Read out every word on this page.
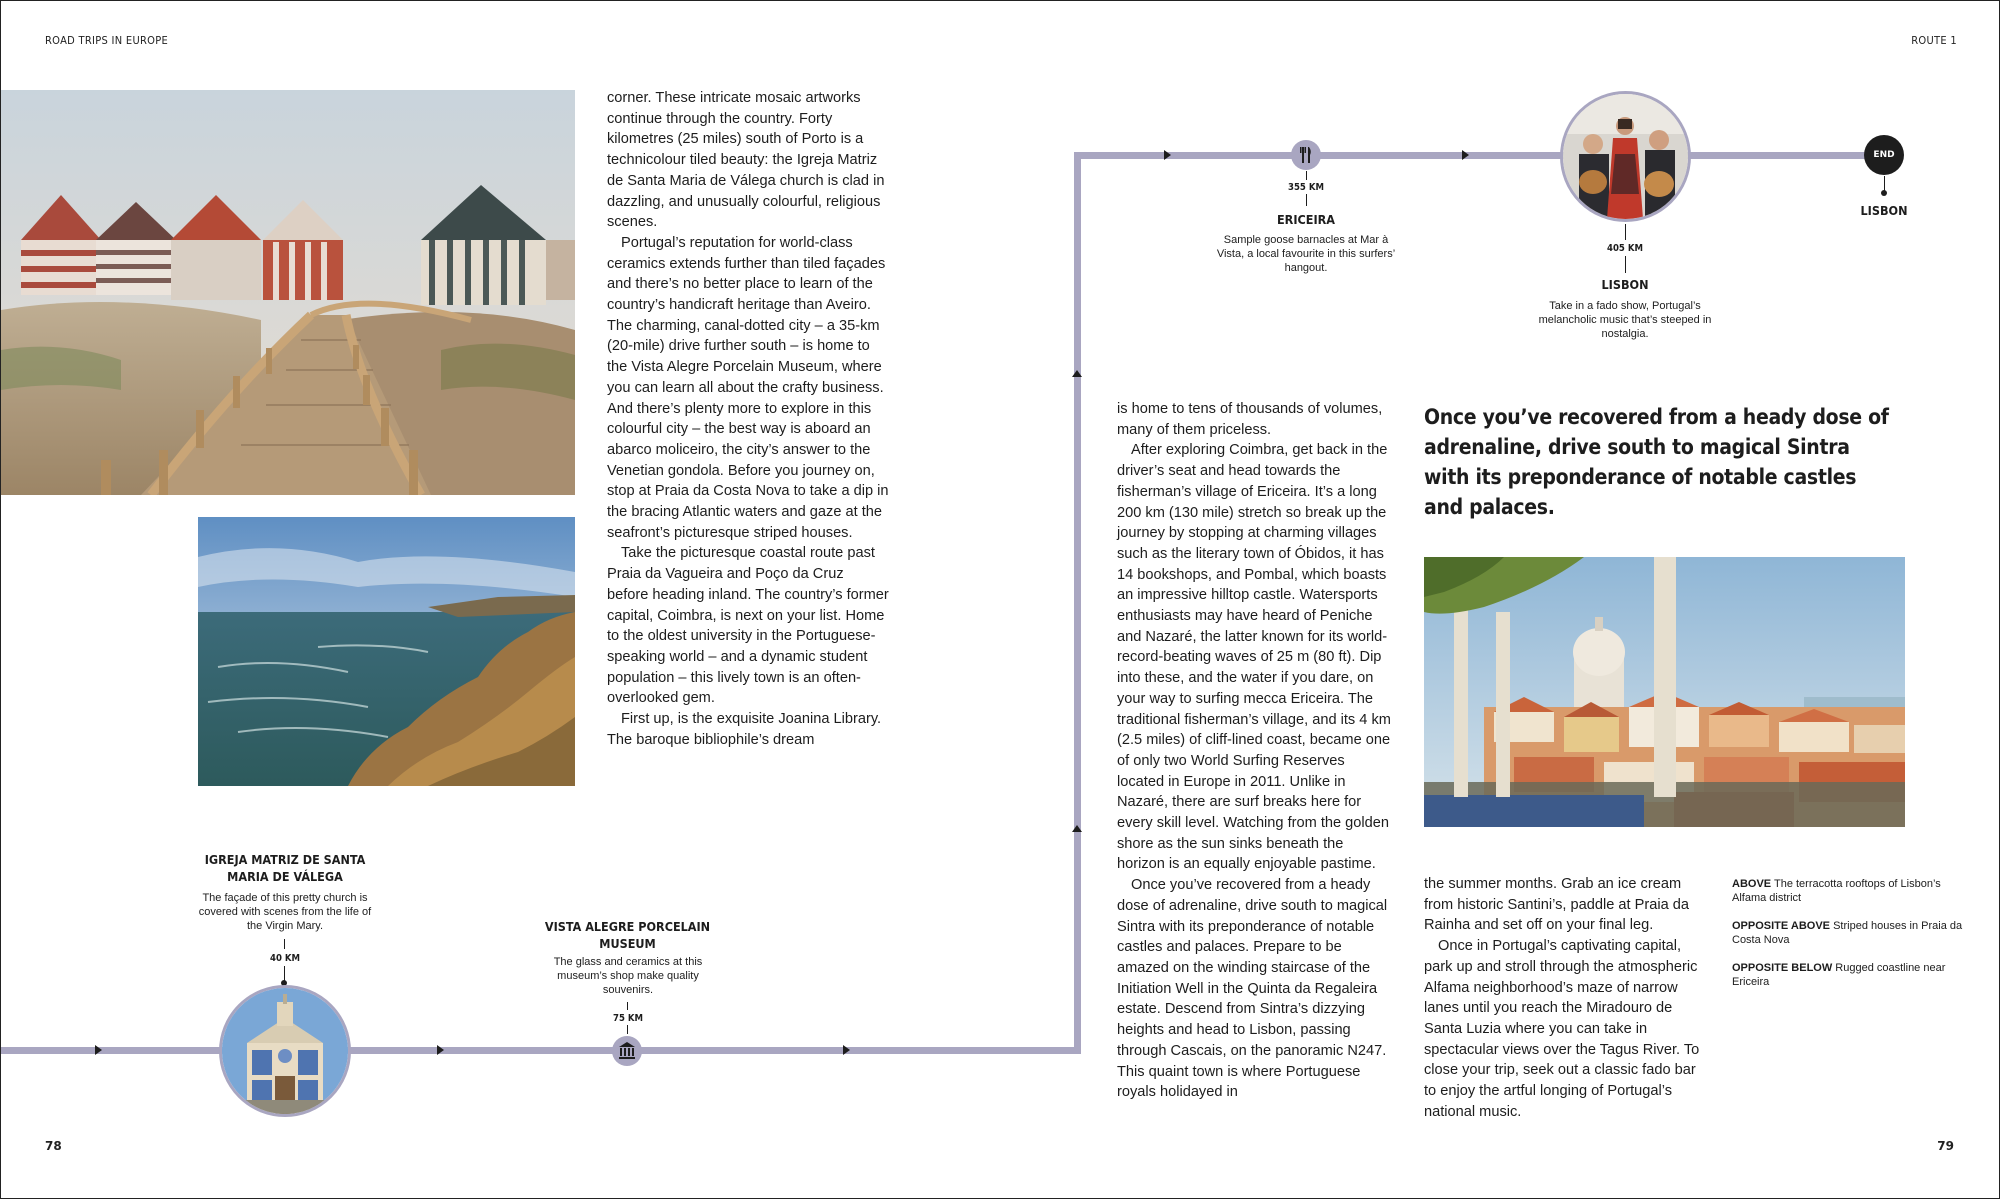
ROAD TRIPS IN EUROPE	ROUTE 1

corner. These intricate mosaic artworks continue through the country. Forty kilometres (25 miles) south of Porto is a technicolour tiled beauty: the Igreja Matriz de Santa Maria de Válega church is clad in dazzling, and unusually colourful, religious scenes.

Portugal’s reputation for world-class ceramics extends further than tiled façades and there’s no better place to learn of the country’s handicraft heritage than Aveiro. The charming, canal-dotted city – a 35-km (20-mile) drive further south – is home to the Vista Alegre Porcelain Museum, where you can learn all about the crafty business. And there’s plenty more to explore in this colourful city – the best way is aboard an abarco moliceiro, the city’s answer to the Venetian gondola. Before you journey on, stop at Praia da Costa Nova to take a dip in the bracing Atlantic waters and gaze at the seafront’s picturesque striped houses.

Take the picturesque coastal route past Praia da Vagueira and Poço da Cruz before heading inland. The country’s former capital, Coimbra, is next on your list. Home to the oldest university in the Portuguese-speaking world – and a dynamic student population – this lively town is an often-overlooked gem.

First up, is the exquisite Joanina Library. The baroque bibliophile’s dream

is home to tens of thousands of volumes, many of them priceless.

After exploring Coimbra, get back in the driver’s seat and head towards the fisherman’s village of Ericeira. It’s a long 200 km (130 mile) stretch so break up the journey by stopping at charming villages such as the literary town of Óbidos, it has 14 bookshops, and Pombal, which boasts an impressive hilltop castle. Watersports enthusiasts may have heard of Peniche and Nazaré, the latter known for its world-record-beating waves of 25 m (80 ft). Dip into these, and the water if you dare, on your way to surfing mecca Ericeira. The traditional fisherman’s village, and its 4 km (2.5 miles) of cliff-lined coast, became one of only two World Surfing Reserves located in Europe in 2011. Unlike in Nazaré, there are surf breaks here for every skill level. Watching from the golden shore as the sun sinks beneath the horizon is an equally enjoyable pastime.

Once you’ve recovered from a heady dose of adrenaline, drive south to magical Sintra with its preponderance of notable castles and palaces. Prepare to be amazed on the winding staircase of the Initiation Well in the Quinta da Regaleira estate. Descend from Sintra’s dizzying heights and head to Lisbon, passing through Cascais, on the panoramic N247. This quaint town is where Portuguese royals holidayed in

Once you’ve recovered from a heady dose of adrenaline, drive south to magical Sintra with its preponderance of notable castles and palaces.
ABOVE The terracotta rooftops of Lisbon’s Alfama district
OPPOSITE ABOVE Striped houses in Praia da Costa Nova
OPPOSITE BELOW Rugged coastline near Ericeira

the summer months. Grab an ice cream from historic Santini’s, paddle at Praia da Rainha and set off on your final leg.

Once in Portugal’s captivating capital, park up and stroll through the atmospheric Alfama neighborhood’s maze of narrow lanes until you reach the Miradouro de Santa Luzia where you can take in spectacular views over the Tagus River. To close your trip, seek out a classic fado bar to enjoy the artful longing of Portugal’s national music.

IGREJA MATRIZ DE SANTA MARIA DE VÁLEGA
The façade of this pretty church is covered with scenes from the life of the Virgin Mary.
40 KM
VISTA ALEGRE PORCELAIN MUSEUM
The glass and ceramics at this museum’s shop make quality souvenirs.
75 KM
355 KM
ERICEIRA
Sample goose barnacles at Mar à Vista, a local favourite in this surfers’ hangout.
405 KM
LISBON
Take in a fado show, Portugal’s melancholic music that’s steeped in nostalgia.
END
LISBON
78	79
